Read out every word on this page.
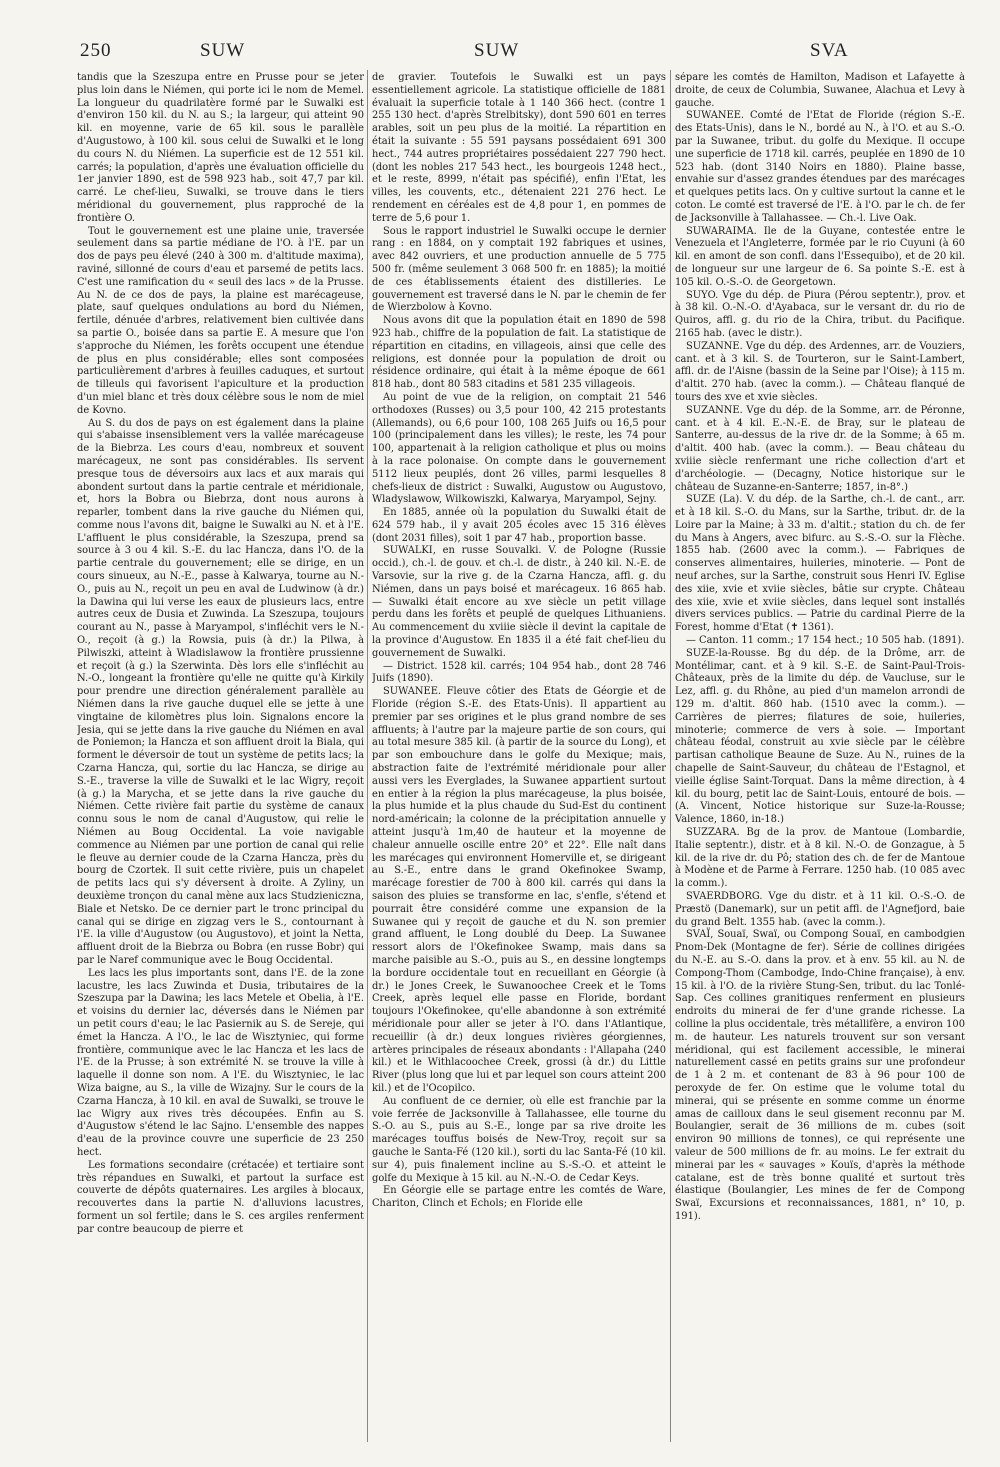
250	SUW	SUW	SVA

tandis que la Szeszupa entre en Prusse pour se jeter plus loin dans le Niémen, qui porte ici le nom de Memel. La longueur du quadrilatère formé par le Suwalki est d'environ 150 kil. du N. au S.; la largeur, qui atteint 90 kil. en moyenne, varie de 65 kil. sous le parallèle d'Augustowo, à 100 kil. sous celui de Suwalki et le long du cours N. du Niémen. La superficie est de 12 551 kil. carrés; la population, d'après une évaluation officielle du 1er janvier 1890, est de 598 923 hab., soit 47,7 par kil. carré. Le chef-lieu, Suwalki, se trouve dans le tiers méridional du gouvernement, plus rapproché de la frontière O.

Tout le gouvernement est une plaine unie, traversée seulement dans sa partie médiane de l'O. à l'E. par un dos de pays peu élevé (240 à 300 m. d'altitude maxima), raviné, sillonné de cours d'eau et parsemé de petits lacs. C'est une ramification du « seuil des lacs » de la Prusse. Au N. de ce dos de pays, la plaine est marécageuse, plate, sauf quelques ondulations au bord du Niémen, fertile, dénuée d'arbres, relativement bien cultivée dans sa partie O., boisée dans sa partie E. A mesure que l'on s'approche du Niémen, les forêts occupent une étendue de plus en plus considérable; elles sont composées particulièrement d'arbres à feuilles caduques, et surtout de tilleuls qui favorisent l'apiculture et la production d'un miel blanc et très doux célèbre sous le nom de miel de Kovno.

Au S. du dos de pays on est également dans la plaine qui s'abaisse insensiblement vers la vallée marécageuse de la Biebrza. Les cours d'eau, nombreux et souvent marécageux, ne sont pas considérables. Ils servent presque tous de déversoirs aux lacs et aux marais qui abondent surtout dans la partie centrale et méridionale, et, hors la Bobra ou Biebrza, dont nous aurons à reparler, tombent dans la rive gauche du Niémen qui, comme nous l'avons dit, baigne le Suwalki au N. et à l'E. L'affluent le plus considérable, la Szeszupa, prend sa source à 3 ou 4 kil. S.-E. du lac Hancza, dans l'O. de la partie centrale du gouvernement; elle se dirige, en un cours sinueux, au N.-E., passe à Kalwarya, tourne au N.-O., puis au N., reçoit un peu en aval de Ludwinow (à dr.) la Dawina qui lui verse les eaux de plusieurs lacs, entre autres ceux de Dusia et Zuwinda. La Szeszupa, toujours courant au N., passe à Maryampol, s'infléchit vers le N.-O., reçoit (à g.) la Rowsia, puis (à dr.) la Pilwa, à Pilwiszki, atteint à Wladislawow la frontière prussienne et reçoit (à g.) la Szerwinta. Dès lors elle s'infléchit au N.-O., longeant la frontière qu'elle ne quitte qu'à Kirkily pour prendre une direction généralement parallèle au Niémen dans la rive gauche duquel elle se jette à une vingtaine de kilomètres plus loin. Signalons encore la Jesia, qui se jette dans la rive gauche du Niémen en aval de Poniemon; la Hancza et son affluent droit la Biala, qui forment le déversoir de tout un système de petits lacs; la Czarna Hancza, qui, sortie du lac Hancza, se dirige au S.-E., traverse la ville de Suwalki et le lac Wigry, reçoit (à g.) la Marycha, et se jette dans la rive gauche du Niémen. Cette rivière fait partie du système de canaux connu sous le nom de canal d'Augustow, qui relie le Niémen au Boug Occidental. La voie navigable commence au Niémen par une portion de canal qui relie le fleuve au dernier coude de la Czarna Hancza, près du bourg de Czortek. Il suit cette rivière, puis un chapelet de petits lacs qui s'y déversent à droite. A Zyliny, un deuxième tronçon du canal mène aux lacs Studzieniczna, Biale et Netsko. De ce dernier part le tronc principal du canal qui se dirige en zigzag vers le S., contournant à l'E. la ville d'Augustow (ou Augustovo), et joint la Netta, affluent droit de la Biebrza ou Bobra (en russe Bobr) qui par le Naref communique avec le Boug Occidental.

Les lacs les plus importants sont, dans l'E. de la zone lacustre, les lacs Zuwinda et Dusia, tributaires de la Szeszupa par la Dawina; les lacs Metele et Obelia, à l'E. et voisins du dernier lac, déversés dans le Niémen par un petit cours d'eau; le lac Pasiernik au S. de Sereje, qui émet la Hancza. A l'O., le lac de Wisztyniec, qui forme frontière, communique avec le lac Hancza et les lacs de l'E. de la Prusse; à son extrémité N. se trouve la ville à laquelle il donne son nom. A l'E. du Wisztyniec, le lac Wiza baigne, au S., la ville de Wizajny. Sur le cours de la Czarna Hancza, à 10 kil. en aval de Suwalki, se trouve le lac Wigry aux rives très découpées. Enfin au S. d'Augustow s'étend le lac Sajno. L'ensemble des nappes d'eau de la province couvre une superficie de 23 250 hect.

Les formations secondaire (crétacée) et tertiaire sont très répandues en Suwalki, et partout la surface est couverte de dépôts quaternaires. Les argiles à blocaux, recouvertes dans la partie N. d'alluvions lacustres, forment un sol fertile; dans le S. ces argiles renferment par contre beaucoup de pierre et

de gravier. Toutefois le Suwalki est un pays essentiellement agricole. La statistique officielle de 1881 évaluait la superficie totale à 1 140 366 hect. (contre 1 255 130 hect. d'après Strelbitsky), dont 590 601 en terres arables, soit un peu plus de la moitié. La répartition en était la suivante : 55 591 paysans possédaient 691 300 hect., 744 autres propriétaires possédaient 227 790 hect. (dont les nobles 217 543 hect., les bourgeois 1248 hect., et le reste, 8999, n'était pas spécifié), enfin l'Etat, les villes, les couvents, etc., détenaient 221 276 hect. Le rendement en céréales est de 4,8 pour 1, en pommes de terre de 5,6 pour 1.

Sous le rapport industriel le Suwalki occupe le dernier rang : en 1884, on y comptait 192 fabriques et usines, avec 842 ouvriers, et une production annuelle de 5 775 500 fr. (même seulement 3 068 500 fr. en 1885); la moitié de ces établissements étaient des distilleries. Le gouvernement est traversé dans le N. par le chemin de fer de Wierzbolow à Kovno.

Nous avons dit que la population était en 1890 de 598 923 hab., chiffre de la population de fait. La statistique de répartition en citadins, en villageois, ainsi que celle des religions, est donnée pour la population de droit ou résidence ordinaire, qui était à la même époque de 661 818 hab., dont 80 583 citadins et 581 235 villageois.

Au point de vue de la religion, on comptait 21 546 orthodoxes (Russes) ou 3,5 pour 100, 42 215 protestants (Allemands), ou 6,6 pour 100, 108 265 Juifs ou 16,5 pour 100 (principalement dans les villes); le reste, les 74 pour 100, appartenait à la religion catholique et plus ou moins à la race polonaise. On compte dans le gouvernement 5112 lieux peuplés, dont 26 villes, parmi lesquelles 8 chefs-lieux de district : Suwalki, Augustow ou Augustovo, Wladyslawow, Wilkowiszki, Kalwarya, Maryampol, Sejny.

En 1885, année où la population du Suwalki était de 624 579 hab., il y avait 205 écoles avec 15 316 élèves (dont 2031 filles), soit 1 par 47 hab., proportion basse.

SUWALKI, en russe Souvalki. V. de Pologne (Russie occid.), ch.-l. de gouv. et ch.-l. de distr., à 240 kil. N.-E. de Varsovie, sur la rive g. de la Czarna Hancza, affl. g. du Niémen, dans un pays boisé et marécageux. 16 865 hab. — Suwalki était encore au xve siècle un petit village perdu dans les forêts et peuplé de quelques Lithuaniens. Au commencement du xviiie siècle il devint la capitale de la province d'Augustow. En 1835 il a été fait chef-lieu du gouvernement de Suwalki.

— District. 1528 kil. carrés; 104 954 hab., dont 28 746 Juifs (1890).

SUWANEE. Fleuve côtier des Etats de Géorgie et de Floride (région S.-E. des Etats-Unis). Il appartient au premier par ses origines et le plus grand nombre de ses affluents; à l'autre par la majeure partie de son cours, qui au total mesure 385 kil. (à partir de la source du Long), et par son embouchure dans le golfe du Mexique; mais, abstraction faite de l'extrémité méridionale pour aller aussi vers les Everglades, la Suwanee appartient surtout en entier à la région la plus marécageuse, la plus boisée, la plus humide et la plus chaude du Sud-Est du continent nord-américain; la colonne de la précipitation annuelle y atteint jusqu'à 1m,40 de hauteur et la moyenne de chaleur annuelle oscille entre 20° et 22°. Elle naît dans les marécages qui environnent Homerville et, se dirigeant au S.-E., entre dans le grand Okefinokee Swamp, marécage forestier de 700 à 800 kil. carrés qui dans la saison des pluies se transforme en lac, s'enfle, s'étend et pourrait être considéré comme une expansion de la Suwanee qui y reçoit de gauche et du N. son premier grand affluent, le Long doublé du Deep. La Suwanee ressort alors de l'Okefinokee Swamp, mais dans sa marche paisible au S.-O., puis au S., en dessine longtemps la bordure occidentale tout en recueillant en Géorgie (à dr.) le Jones Creek, le Suwanoochee Creek et le Toms Creek, après lequel elle passe en Floride, bordant toujours l'Okefinokee, qu'elle abandonne à son extrémité méridionale pour aller se jeter à l'O. dans l'Atlantique, recueillir (à dr.) deux longues rivières géorgiennes, artères principales de réseaux abondants : l'Allapaha (240 kil.) et le Withlacoochee Creek, grossi (à dr.) du Little River (plus long que lui et par lequel son cours atteint 200 kil.) et de l'Ocopilco.

Au confluent de ce dernier, où elle est franchie par la voie ferrée de Jacksonville à Tallahassee, elle tourne du S.-O. au S., puis au S.-E., longe par sa rive droite les marécages touffus boisés de New-Troy, reçoit sur sa gauche le Santa-Fé (120 kil.), sorti du lac Santa-Fé (10 kil. sur 4), puis finalement incline au S.-S.-O. et atteint le golfe du Mexique à 15 kil. au N.-N.-O. de Cedar Keys.

En Géorgie elle se partage entre les comtés de Ware, Chariton, Clinch et Echols; en Floride elle

sépare les comtés de Hamilton, Madison et Lafayette à droite, de ceux de Columbia, Suwanee, Alachua et Levy à gauche.

SUWANEE. Comté de l'Etat de Floride (région S.-E. des Etats-Unis), dans le N., bordé au N., à l'O. et au S.-O. par la Suwanee, tribut. du golfe du Mexique. Il occupe une superficie de 1718 kil. carrés, peuplée en 1890 de 10 523 hab. (dont 3140 Noirs en 1880). Plaine basse, envahie sur d'assez grandes étendues par des marécages et quelques petits lacs. On y cultive surtout la canne et le coton. Le comté est traversé de l'E. à l'O. par le ch. de fer de Jacksonville à Tallahassee. — Ch.-l. Live Oak.

SUWARAIMA. Ile de la Guyane, contestée entre le Venezuela et l'Angleterre, formée par le rio Cuyuni (à 60 kil. en amont de son confl. dans l'Essequibo), et de 20 kil. de longueur sur une largeur de 6. Sa pointe S.-E. est à 105 kil. O.-S.-O. de Georgetown.

SUYO. Vge du dép. de Piura (Pérou septentr.), prov. et à 38 kil. O.-N.-O. d'Ayabaca, sur le versant dr. du rio de Quiros, affl. g. du rio de la Chira, tribut. du Pacifique. 2165 hab. (avec le distr.).

SUZANNE. Vge du dép. des Ardennes, arr. de Vouziers, cant. et à 3 kil. S. de Tourteron, sur le Saint-Lambert, affl. dr. de l'Aisne (bassin de la Seine par l'Oise); à 115 m. d'altit. 270 hab. (avec la comm.). — Château flanqué de tours des xve et xvie siècles.

SUZANNE. Vge du dép. de la Somme, arr. de Péronne, cant. et à 4 kil. E.-N.-E. de Bray, sur le plateau de Santerre, au-dessus de la rive dr. de la Somme; à 65 m. d'altit. 400 hab. (avec la comm.). — Beau château du xviiie siècle renfermant une riche collection d'art et d'archéologie. — (Decagny, Notice historique sur le château de Suzanne-en-Santerre; 1857, in-8°.)

SUZE (La). V. du dép. de la Sarthe, ch.-l. de cant., arr. et à 18 kil. S.-O. du Mans, sur la Sarthe, tribut. dr. de la Loire par la Maine; à 33 m. d'altit.; station du ch. de fer du Mans à Angers, avec bifurc. au S.-S.-O. sur la Flèche. 1855 hab. (2600 avec la comm.). — Fabriques de conserves alimentaires, huileries, minoterie. — Pont de neuf arches, sur la Sarthe, construit sous Henri IV. Eglise des xiie, xvie et xviie siècles, bâtie sur crypte. Château des xiie, xvie et xviie siècles, dans lequel sont installés divers services publics. — Patrie du cardinal Pierre de la Forest, homme d'Etat (✝ 1361).

— Canton. 11 comm.; 17 154 hect.; 10 505 hab. (1891).

SUZE-la-Rousse. Bg du dép. de la Drôme, arr. de Montélimar, cant. et à 9 kil. S.-E. de Saint-Paul-Trois-Châteaux, près de la limite du dép. de Vaucluse, sur le Lez, affl. g. du Rhône, au pied d'un mamelon arrondi de 129 m. d'altit. 860 hab. (1510 avec la comm.). — Carrières de pierres; filatures de soie, huileries, minoterie; commerce de vers à soie. — Important château féodal, construit au xvie siècle par le célèbre partisan catholique Beaune de Suze. Au N., ruines de la chapelle de Saint-Sauveur, du château de l'Estagnol, et vieille église Saint-Torquat. Dans la même direction, à 4 kil. du bourg, petit lac de Saint-Louis, entouré de bois. — (A. Vincent, Notice historique sur Suze-la-Rousse; Valence, 1860, in-18.)

SUZZARA. Bg de la prov. de Mantoue (Lombardie, Italie septentr.), distr. et à 8 kil. N.-O. de Gonzague, à 5 kil. de la rive dr. du Pô; station des ch. de fer de Mantoue à Modène et de Parme à Ferrare. 1250 hab. (10 085 avec la comm.).

SVAERDBORG. Vge du distr. et à 11 kil. O.-S.-O. de Præstö (Danemark), sur un petit affl. de l'Agnefjord, baie du grand Belt. 1355 hab. (avec la comm.).

SVAÏ, Souaï, Swaï, ou Compong Souaï, en cambodgien Pnom-Dek (Montagne de fer). Série de collines dirigées du N.-E. au S.-O. dans la prov. et à env. 55 kil. au N. de Compong-Thom (Cambodge, Indo-Chine française), à env. 15 kil. à l'O. de la rivière Stung-Sen, tribut. du lac Tonlé-Sap. Ces collines granitiques renferment en plusieurs endroits du minerai de fer d'une grande richesse. La colline la plus occidentale, très métallifère, a environ 100 m. de hauteur. Les naturels trouvent sur son versant méridional, qui est facilement accessible, le minerai naturellement cassé en petits grains sur une profondeur de 1 à 2 m. et contenant de 83 à 96 pour 100 de peroxyde de fer. On estime que le volume total du minerai, qui se présente en somme comme un énorme amas de cailloux dans le seul gisement reconnu par M. Boulangier, serait de 36 millions de m. cubes (soit environ 90 millions de tonnes), ce qui représente une valeur de 500 millions de fr. au moins. Le fer extrait du minerai par les « sauvages » Kouïs, d'après la méthode catalane, est de très bonne qualité et surtout très élastique (Boulangier, Les mines de fer de Compong Swaï, Excursions et reconnaissances, 1881, n° 10, p. 191).
